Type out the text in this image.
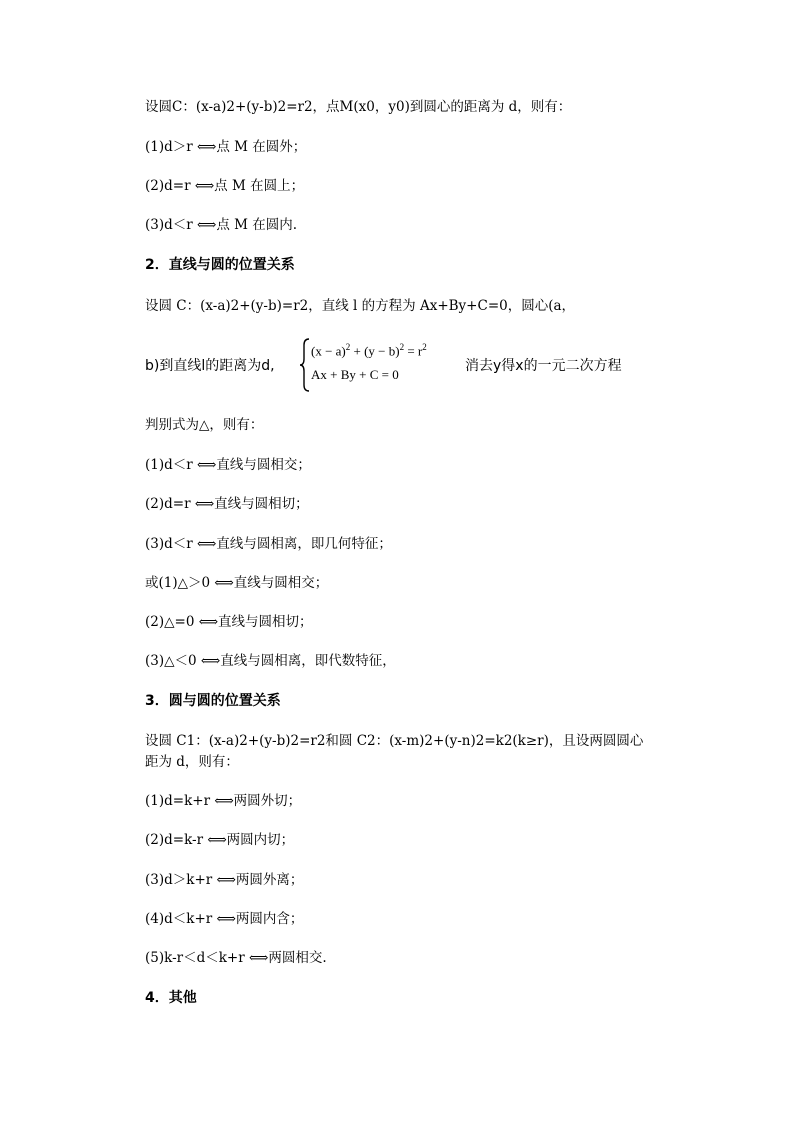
设圆C：(x-a)2+(y-b)2=r2，点M(x0，y0)到圆心的距离为 d，则有：
(1)d＞r ⟺点 M 在圆外；
(2)d=r ⟺点 M 在圆上；
(3)d＜r ⟺点 M 在圆内.
2．直线与圆的位置关系
设圆 C：(x-a)2+(y-b)=r2，直线 l 的方程为 Ax+By+C=0，圆心(a，
b)到直线l的距离为d,
$(x - a)^2 + (y - b)^2 = r^2$
Ax + By + C = 0
消去y得x的一元二次方程
判别式为△，则有：
(1)d＜r ⟺直线与圆相交；
(2)d=r ⟺直线与圆相切；
(3)d＜r ⟺直线与圆相离，即几何特征；
或(1)△＞0 ⟺直线与圆相交；
(2)△=0 ⟺直线与圆相切；
(3)△＜0 ⟺直线与圆相离，即代数特征，
3．圆与圆的位置关系
设圆 C1：(x-a)2+(y-b)2=r2和圆 C2：(x-m)2+(y-n)2=k2(k≥r)，且设两圆圆心
距为 d，则有：
(1)d=k+r ⟺两圆外切；
(2)d=k-r ⟺两圆内切；
(3)d＞k+r ⟺两圆外离；
(4)d＜k+r ⟺两圆内含；
(5)k-r＜d＜k+r ⟺两圆相交.
4．其他
